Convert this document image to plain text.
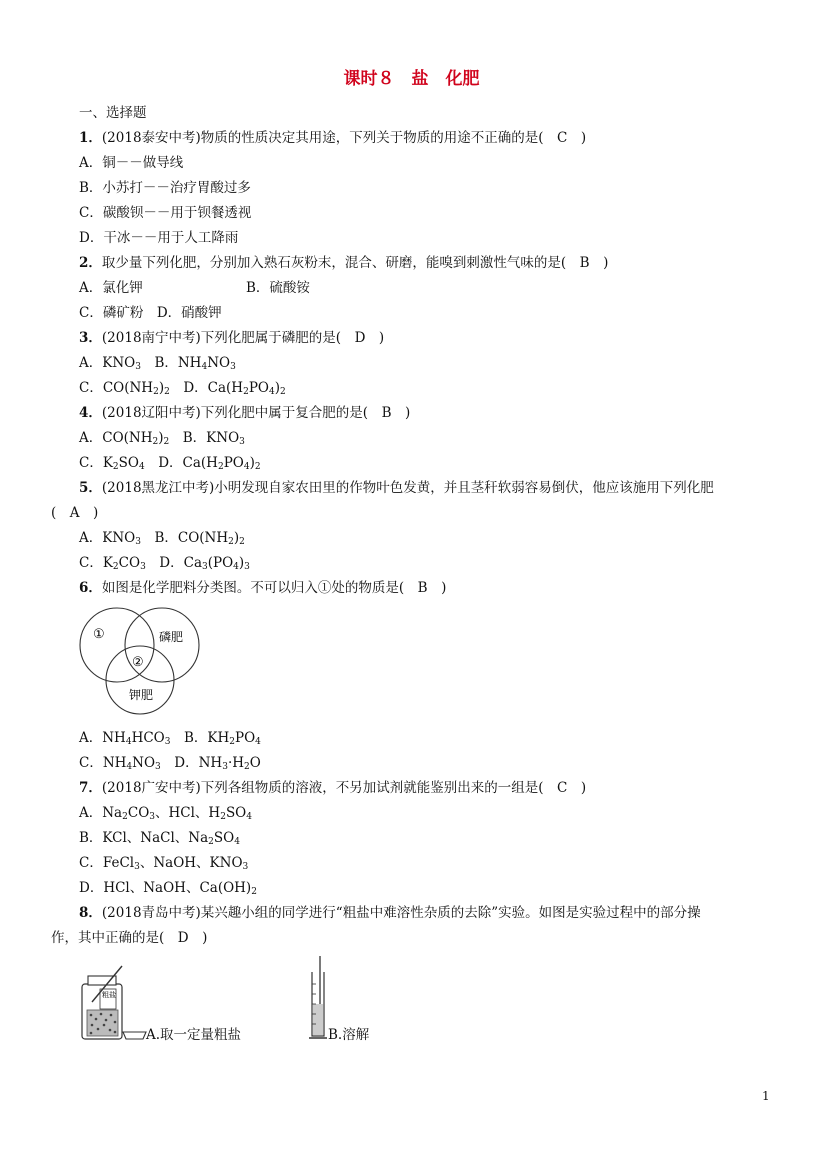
课时８　盐　化肥
一、选择题
1．(2018泰安中考)物质的性质决定其用途，下列关于物质的用途不正确的是(　C　)
A．铜－－做导线
B．小苏打－－治疗胃酸过多
C．碳酸钡－－用于钡餐透视
D．干冰－－用于人工降雨
2．取少量下列化肥，分别加入熟石灰粉末，混合、研磨，能嗅到刺激性气味的是(　B　)
A．氯化钾	B．硫酸铵
C．磷矿粉　D．硝酸钾
3．(2018南宁中考)下列化肥属于磷肥的是(　D　)
A．$KNO_3$　B．$NH_4NO_3$
C．$CO(NH_2)_2$　D．$Ca(H_2PO_4)_2$
4．(2018辽阳中考)下列化肥中属于复合肥的是(　B　)
A．$CO(NH_2)_2$　B．$KNO_3$
C．$K_2SO_4$　D．$Ca(H_2PO_4)_2$
5．(2018黑龙江中考)小明发现自家农田里的作物叶色发黄，并且茎秆软弱容易倒伏，他应该施用下列化肥
(　A　)
A．$KNO_3$　B．$CO(NH_2)_2$
C．$K_2CO_3$　D．$Ca_3(PO_4)_3$
6．如图是化学肥料分类图。不可以归入①处的物质是(　B　)
①	磷肥
②
钾肥
A．$NH_4HCO_3$　B．$KH_2PO_4$
C．$NH_4NO_3$　D．$NH_3\cdot H_2O$
7．(2018广安中考)下列各组物质的溶液，不另加试剂就能鉴别出来的一组是(　C　)
A．$Na_2CO_3$、HCl、$H_2SO_4$
B．KCl、NaCl、$Na_2SO_4$
C．FeCl$_3$、NaOH、$KNO_3$
D．HCl、NaOH、$Ca(OH)_2$
8．(2018青岛中考)某兴趣小组的同学进行“粗盐中难溶性杂质的去除”实验。如图是实验过程中的部分操
作，其中正确的是(　D　)
粗盐
A.取一定量粗盐	B.溶解
1
